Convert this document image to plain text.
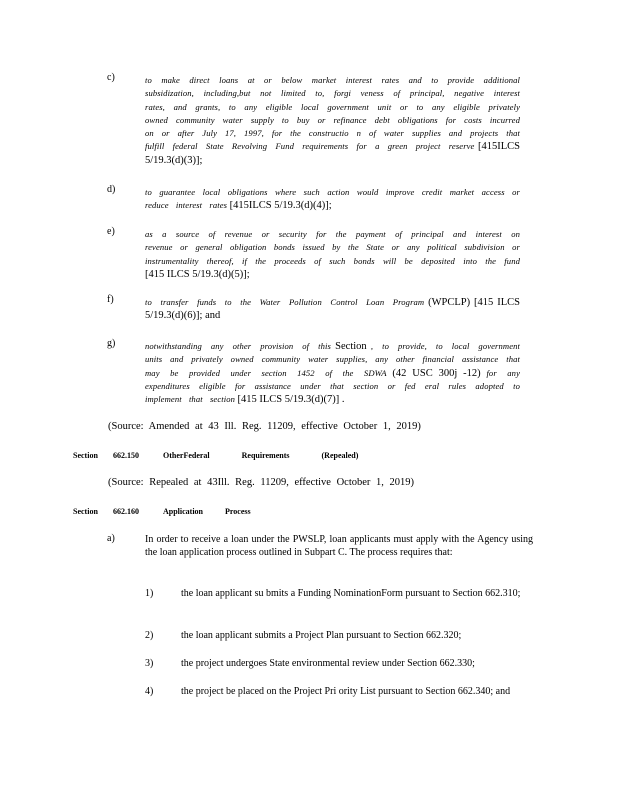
c)	to make direct loans at or below market interest rates and to provide additional subsidization, including,but not limited to, forgi veness of principal, negative interest rates, and grants, to any eligible local government unit or to any eligible privately owned community water supply to buy or refinance debt obligations for costs incurred on or after July 17, 1997, for the constructio n of water supplies and projects that fulfill federal State Revolving Fund requirements for a green project reserve [415ILCS 5/19.3(d)(3)];
d)	to guarantee local obligations where such action would improve credit market access or reduce interest rates [415ILCS 5/19.3(d)(4)];
e)	as a source of revenue or security for the payment of principal and interest on revenue or general obligation bonds issued by the State or any political subdivision or instrumentality thereof, if the proceeds of such bonds will be deposited into the fund [415 ILCS 5/19.3(d)(5)];
f)	to transfer funds to the Water Pollution Control Loan Program (WPCLP) [415 ILCS 5/19.3(d)(6)]; and
g)	notwithstanding any other provision of this Section , to provide, to local government units and privately owned community water supplies, any other financial assistance that may be provided under section 1452 of the SDWA (42 USC 300j -12) for any expenditures eligible for assistance under that section or fed eral rules adopted to implement that section [415 ILCS 5/19.3(d)(7)] .
(Source: Amended at 43 Ill. Reg. 11209, effective October 1, 2019)
Section 662.150	OtherFederal Requirements (Repealed)
(Source: Repealed at 43Ill. Reg. 11209, effective October 1, 2019)
Section 662.160	Application Process
a)	In order to receive a loan under the PWSLP, loan applicants must apply with the Agency using the loan application process outlined in Subpart C. The process requires that:
1)	the loan applicant su bmits a Funding NominationForm pursuant to Section 662.310;
2)	the loan applicant submits a Project Plan pursuant to Section 662.320;
3)	the project undergoes State environmental review under Section 662.330;
4)	the project be placed on the Project Pri ority List pursuant to Section 662.340; and
